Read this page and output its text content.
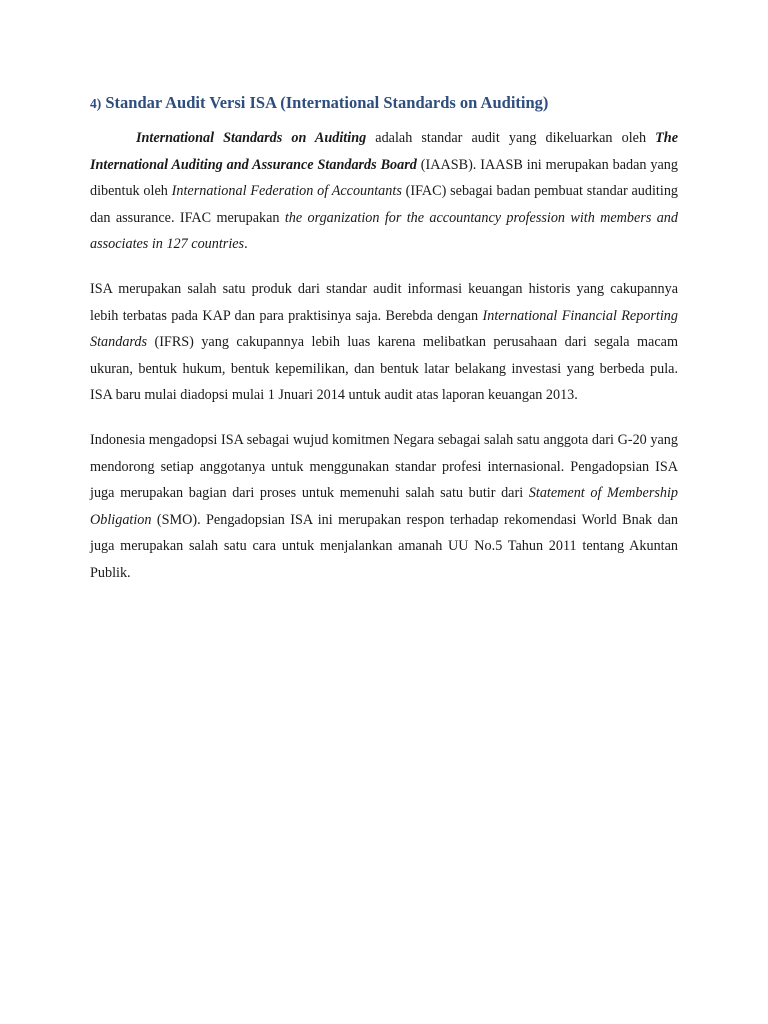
4) Standar Audit Versi ISA (International Standards on Auditing)

International Standards on Auditing adalah standar audit yang dikeluarkan oleh The International Auditing and Assurance Standards Board (IAASB). IAASB ini merupakan badan yang dibentuk oleh International Federation of Accountants (IFAC) sebagai badan pembuat standar auditing dan assurance. IFAC merupakan the organization for the accountancy profession with members and associates in 127 countries.

ISA merupakan salah satu produk dari standar audit informasi keuangan historis yang cakupannya lebih terbatas pada KAP dan para praktisinya saja. Berebda dengan International Financial Reporting Standards (IFRS) yang cakupannya lebih luas karena melibatkan perusahaan dari segala macam ukuran, bentuk hukum, bentuk kepemilikan, dan bentuk latar belakang investasi yang berbeda pula. ISA baru mulai diadopsi mulai 1 Jnuari 2014 untuk audit atas laporan keuangan 2013.

Indonesia mengadopsi ISA sebagai wujud komitmen Negara sebagai salah satu anggota dari G-20 yang mendorong setiap anggotanya untuk menggunakan standar profesi internasional. Pengadopsian ISA juga merupakan bagian dari proses untuk memenuhi salah satu butir dari Statement of Membership Obligation (SMO). Pengadopsian ISA ini merupakan respon terhadap rekomendasi World Bnak dan juga merupakan salah satu cara untuk menjalankan amanah UU No.5 Tahun 2011 tentang Akuntan Publik.
